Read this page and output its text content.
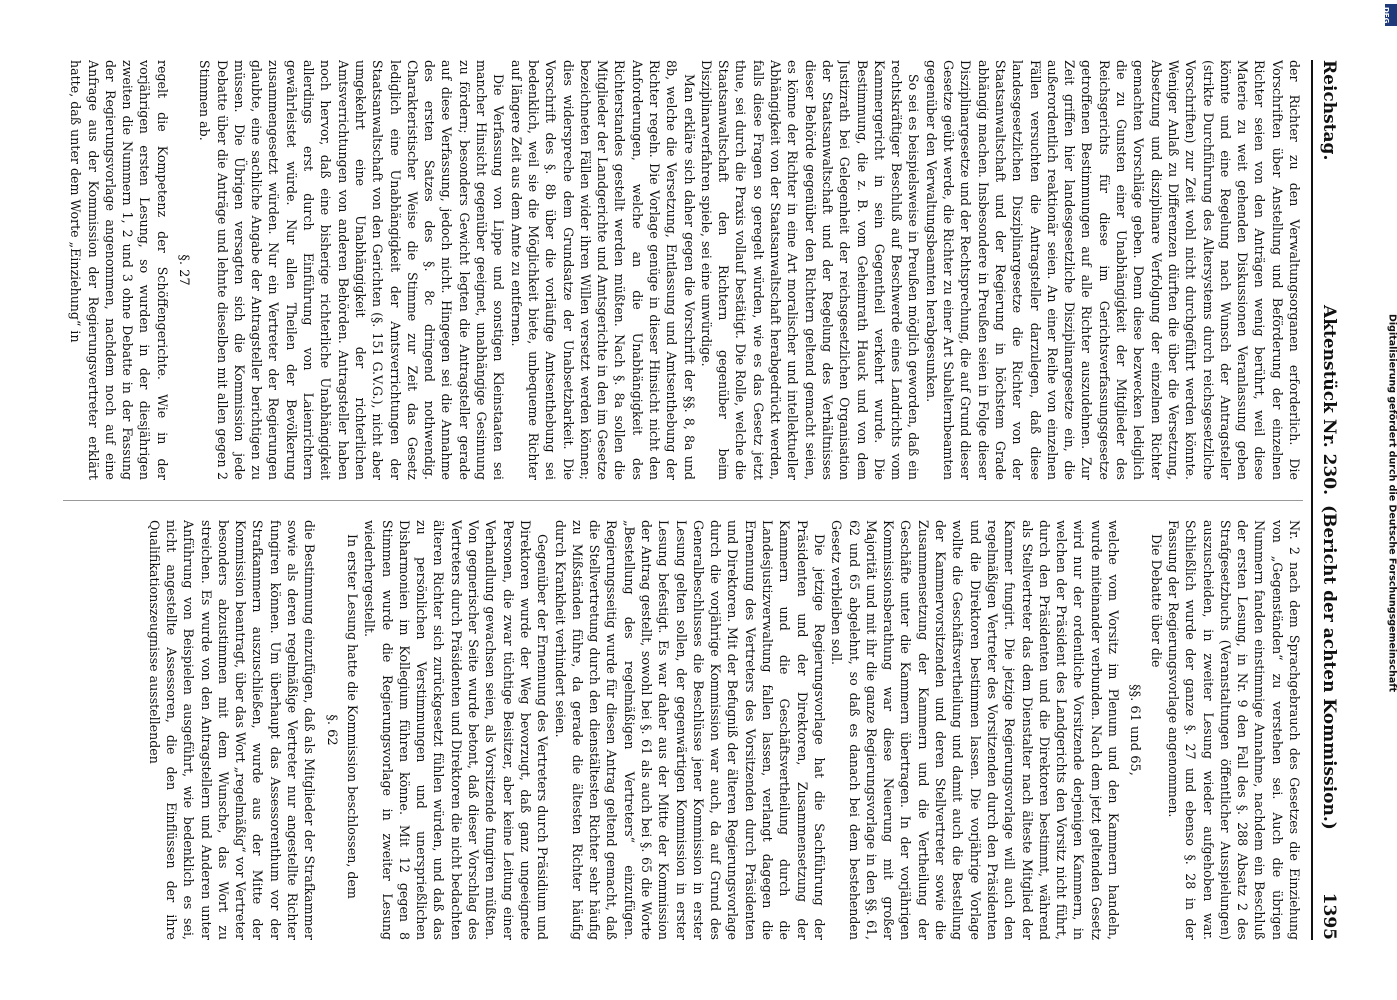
Reichstag.
Aktenstück Nr. 230.
(Bericht der achten Kommission.)
1395

der Richter zu den Verwaltungsorganen erforderlich. Die Vorschriften über Anstellung und Beförderung der einzelnen Richter seien von den Anträgen wenig berührt, weil diese Materie zu weit gehenden Diskussionen Veranlassung geben könnte und eine Regelung nach Wunsch der Antragsteller (strikte Durchführung des Altersystems durch reichsgesetzliche Vorschriften) zur Zeit wohl nicht durchgeführt werden könnte. Weniger Anlaß zu Differenzen dürften die über die Versetzung, Absetzung und disziplinare Verfolgung der einzelnen Richter gemachten Vorschläge geben. Denn diese bezwecken lediglich die zu Gunsten einer Unabhängigkeit der Mitglieder des Reichsgerichts für diese im Gerichtsverfassungsgesetze getroffenen Bestimmungen auf alle Richter auszudehnen. Zur Zeit griffen hier landesgesetzliche Disziplinargesetze ein, die außerordentlich reaktionär seien. An einer Reihe von einzelnen Fällen versuchten die Antragsteller darzulegen, daß diese landesgesetzlichen Disziplinargesetze die Richter von der Staatsanwaltschaft und der Regierung in höchstem Grade abhängig machen. Insbesondere in Preußen seien in Folge dieser Disziplinargesetze und der Rechtsprechung, die auf Grund dieser Gesetze geübt werde, die Richter zu einer Art Subalternbeamten gegenüber den Verwaltungsbeamten herabgesunken.

So sei es beispielsweise in Preußen möglich geworden, daß ein rechtskräftiger Beschluß auf Beschwerde eines Landrichts vom Kammergericht in sein Gegentheil verkehrt wurde. Die Bestimmung, die z. B. vom Geheimrath Hauck und von dem Justizrath bei Gelegenheit der reichsgesetzlichen Organisation der Staatsanwaltschaft und der Regelung des Verhältnisses dieser Behörde gegenüber den Richtern geltend gemacht seien, es könne der Richter in eine Art moralischer und intellektueller Abhängigkeit von der Staatsanwaltschaft herabgedrückt werden, falls diese Fragen so geregelt würden, wie es das Gesetz jetzt thue, sei durch die Praxis vollauf bestätigt. Die Rolle, welche die Staatsanwaltschaft den Richtern gegenüber beim Disziplinarverfahren spiele, sei eine unwürdige.

Man erkläre sich daher gegen die Vorschrift der §§. 8, 8a und 8b, welche die Versetzung, Entlassung und Amtsenthebung der Richter regeln. Die Vorlage genüge in dieser Hinsicht nicht den Anforderungen, welche an die Unabhängigkeit des Richterstandes gestellt werden müßten. Nach §. 8a sollen die Mitglieder der Landgerichte und Amtsgerichte in den im Gesetze bezeichneten Fällen wider ihren Willen versetzt werden können; dies widerspreche dem Grundsatze der Unabsetzbarkeit. Die Vorschrift des §. 8b über die vorläufige Amtsenthebung sei bedenklich, weil sie die Möglichkeit biete, unbequeme Richter auf längere Zeit aus dem Amte zu entfernen.

Die Verfassung von Lippe und sonstigen Kleinstaaten sei mancher Hinsicht gegenüber geeignet, unabhängige Gesinnung zu fördern; besonders Gewicht legten die Antragsteller gerade auf diese Verfassung, jedoch nicht. Hingegen sei die Annahme des ersten Satzes des §. 8c dringend nothwendig. Charakteristischer Weise die Stimme zur Zeit das Gesetz lediglich eine Unabhängigkeit der Amtsverrichtungen der Staatsanwaltschaft von den Gerichten (§. 151 G.V.G.), nicht aber umgekehrt eine Unabhängigkeit der richterlichen Amtsverrichtungen von anderen Behörden. Antragsteller haben noch hervor, daß eine bisherige richterliche Unabhängigkeit allerdings erst durch Einführung von Laienrichtern gewährleistet würde. Nur allen Theilen der Bevölkerung zusammengesetzt würden. Nur ein Vertreter der Regierungen glaubte, eine sachliche Angabe der Antragsteller berichtigen zu müssen. Die Übrigen versagten sich die Kommission jede Debatte über die Anträge und lehnte dieselben mit allen gegen 2 Stimmen ab.

§. 27

regelt die Kompetenz der Schöffengerichte. Wie in der vorjährigen ersten Lesung, so wurden in der diesjährigen zweiten die Nummern 1, 2 und 3 ohne Debatte in der Fassung der Regierungsvorlage angenommen, nachdem noch auf eine Anfrage aus der Kommission der Regierungsvertreter erklärt hatte, daß unter dem Worte „Einziehung“ in

Nr. 2 nach dem Sprachgebrauch des Gesetzes die Einziehung von „Gegenständen“ zu verstehen sei. Auch die übrigen Nummern fanden einstimmige Annahme, nachdem ein Beschluß der ersten Lesung, in Nr. 9 den Fall des §. 288 Absatz 2 des Strafgesetzbuchs (Veranstaltungen öffentlicher Ausspielungen) auszuscheiden, in zweiter Lesung wieder aufgehoben war. Schließlich wurde der ganze §. 27 und ebenso §. 28 in der Fassung der Regierungsvorlage angenommen.

Die Debatte über die

§§. 61 und 65,

welche vom Vorsitz im Plenum und den Kammern handeln, wurde miteinander verbunden. Nach dem jetzt geltenden Gesetz wird nur der ordentliche Vorsitzende derjenigen Kammern, in welchen der Präsident des Landgerichts den Vorsitz nicht führt, durch den Präsidenten und die Direktoren bestimmt, während als Stellvertreter das dem Dienstalter nach älteste Mitglied der Kammer fungirt. Die jetzige Regierungsvorlage will auch den regelmäßigen Vertreter des Vorsitzenden durch den Präsidenten und die Direktoren bestimmen lassen. Die vorjährige Vorlage wollte die Geschäftsvertheilung und damit auch die Bestellung der Kammervorsitzenden und deren Stellvertreter sowie die Zusammensetzung der Kammern und die Vertheilung der Geschäfte unter die Kammern übertragen. In der vorjährigen Kommissionsberathung war diese Neuerung mit großer Majorität und mit ihr die ganze Regierungsvorlage in den §§. 61, 62 und 65 abgelehnt, so daß es danach bei dem bestehenden Gesetz verbleiben soll.

Die jetzige Regierungsvorlage hat die Sachführung der Präsidenten und der Direktoren, Zusammensetzung der Kammern und die Geschäftsvertheilung durch die Landesjustizverwaltung fallen lassen, verlangt dagegen die Ernennung des Vertreters des Vorsitzenden durch Präsidenten und Direktoren. Mit der Befugniß der älteren Regierungsvorlage durch die vorjährige Kommission war auch, da auf Grund des Generalbeschlusses die Beschlüsse jener Kommission in erster Lesung gelten sollen, der gegenwärtigen Kommission in erster Lesung befestigt. Es war daher aus der Mitte der Kommission der Antrag gestellt, sowohl bei §. 61 als auch bei §. 65 die Worte „Bestellung des regelmäßigen Vertreters“ einzufügen. Regierungsseitig wurde für diesen Antrag geltend gemacht, daß die Stellvertretung durch den dienstältesten Richter sehr häufig zu Mißständen führe, da gerade die ältesten Richter häufig durch Krankheit verhindert seien.

Gegenüber der Ernennung des Vertreters durch Präsidium und Direktoren wurde der Weg bevorzugt, daß ganz ungeeignete Personen, die zwar tüchtige Beisitzer, aber keine Leitung einer Verhandlung gewachsen seien, als Vorsitzende fungiren müßten. Von gegnerischer Seite wurde betont, daß dieser Vorschlag des Vertreters durch Präsidenten und Direktoren die nicht bedachten älteren Richter sich zurückgesetzt fühlen würden, und daß das zu persönlichen Verstimmungen und unersprießlichen Disharmonien im Kollegium führen könne. Mit 12 gegen 8 Stimmen wurde die Regierungsvorlage in zweiter Lesung wiederhergestellt.

In erster Lesung hatte die Kommission beschlossen, dem

§. 62

die Bestimmung einzufügen, daß als Mitglieder der Strafkammer sowie als deren regelmäßige Vertreter nur angestellte Richter fungiren können. Um überhaupt das Assessorenthum vor der Strafkammern auszuschließen, wurde aus der Mitte der Kommission beantragt, über das Wort „regelmäßig“ vor Vertreter besonders abzustimmen mit dem Wunsche, das Wort zu streichen. Es wurde von den Antragstellern und Anderen unter Anführung von Beispielen ausgeführt, wie bedenklich es sei, nicht angestellte Assessoren, die den Einflüssen der ihre Qualifikationszeugnisse ausstellenden

DFG
Digitalisierung gefördert durch die Deutsche Forschungsgemeinschaft
